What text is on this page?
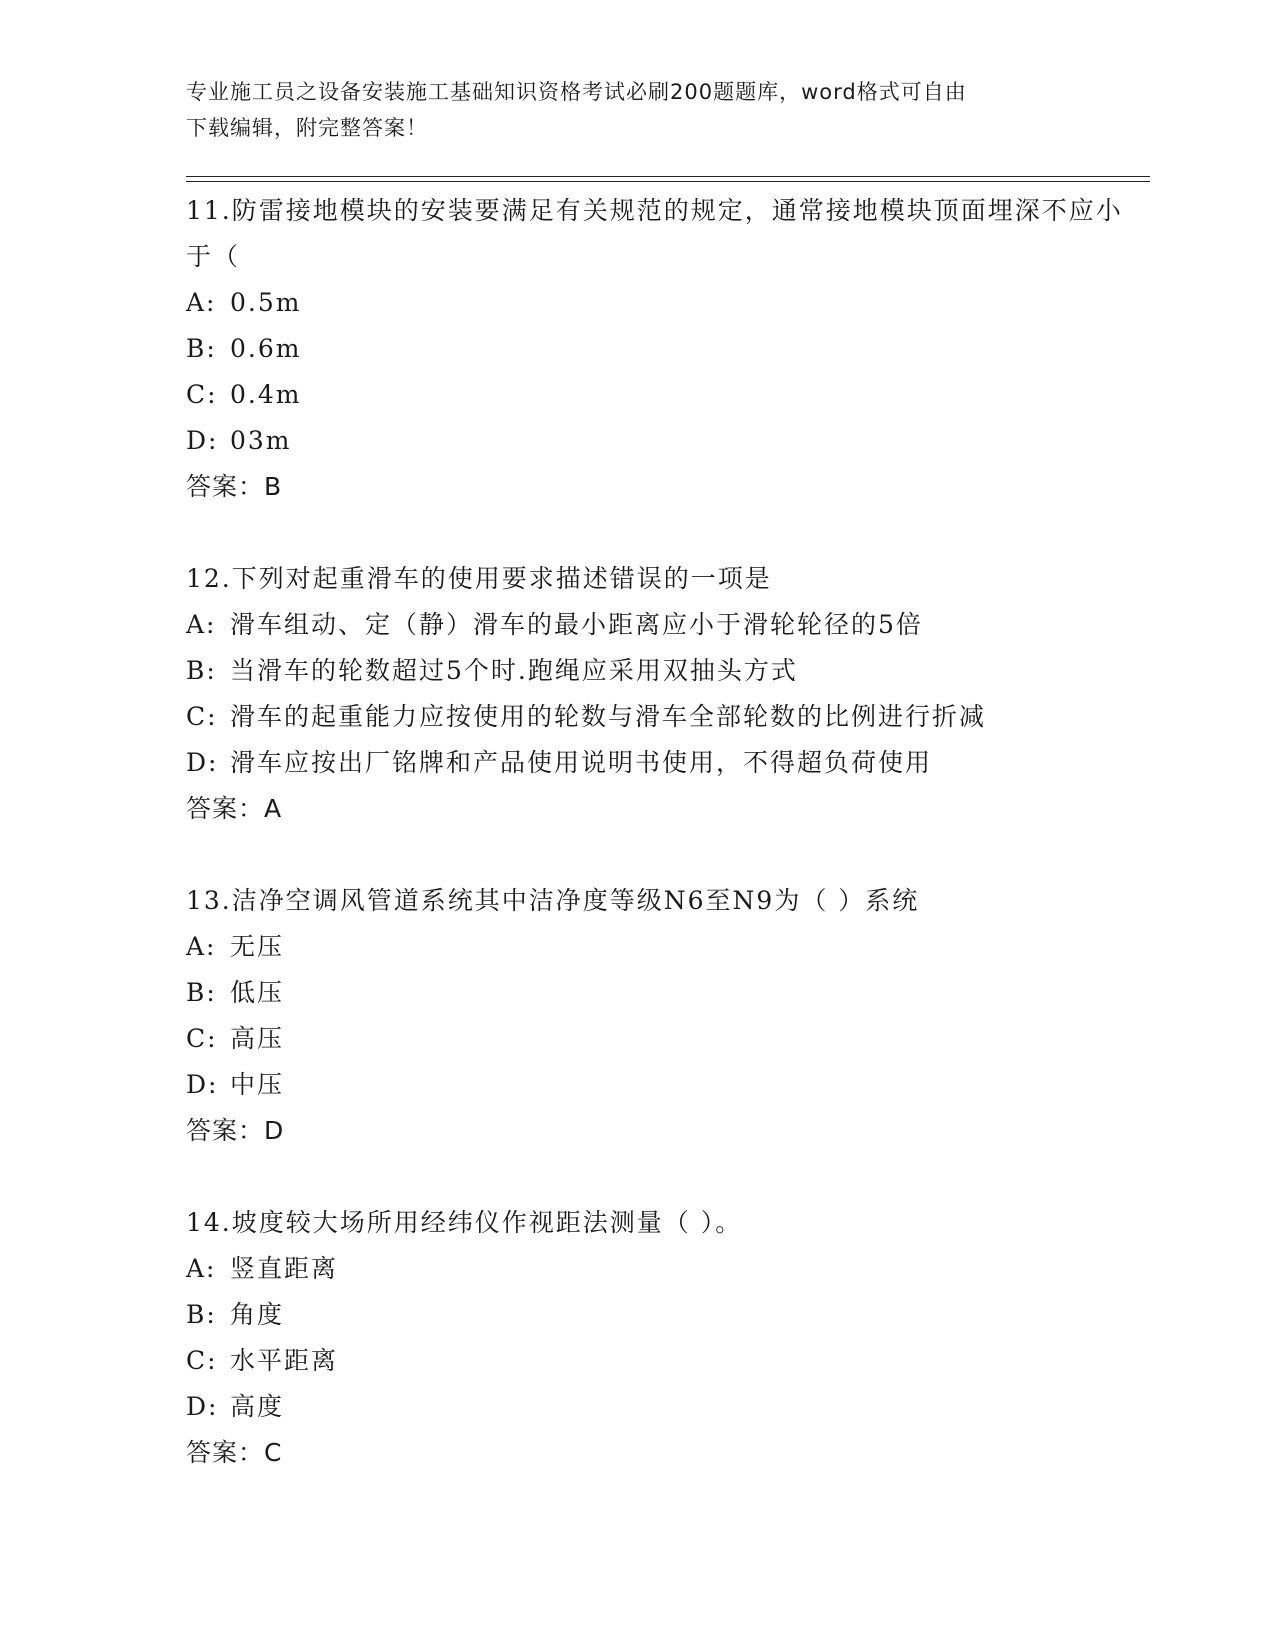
专业施工员之设备安装施工基础知识资格考试必刷200题题库，word格式可自由
下载编辑，附完整答案！
11.防雷接地模块的安装要满足有关规范的规定，通常接地模块顶面埋深不应小于（
A: 0.5m
B: 0.6m
C: 0.4m
D: 03m
答案：B
12.下列对起重滑车的使用要求描述错误的一项是
A: 滑车组动、定（静）滑车的最小距离应小于滑轮轮径的5倍
B: 当滑车的轮数超过5个时.跑绳应采用双抽头方式
C: 滑车的起重能力应按使用的轮数与滑车全部轮数的比例进行折减
D: 滑车应按出厂铭牌和产品使用说明书使用，不得超负荷使用
答案：A
13.洁净空调风管道系统其中洁净度等级N6至N9为（ ）系统
A: 无压
B: 低压
C: 高压
D: 中压
答案：D
14.坡度较大场所用经纬仪作视距法测量（ ）。
A: 竖直距离
B: 角度
C: 水平距离
D: 高度
答案：C
